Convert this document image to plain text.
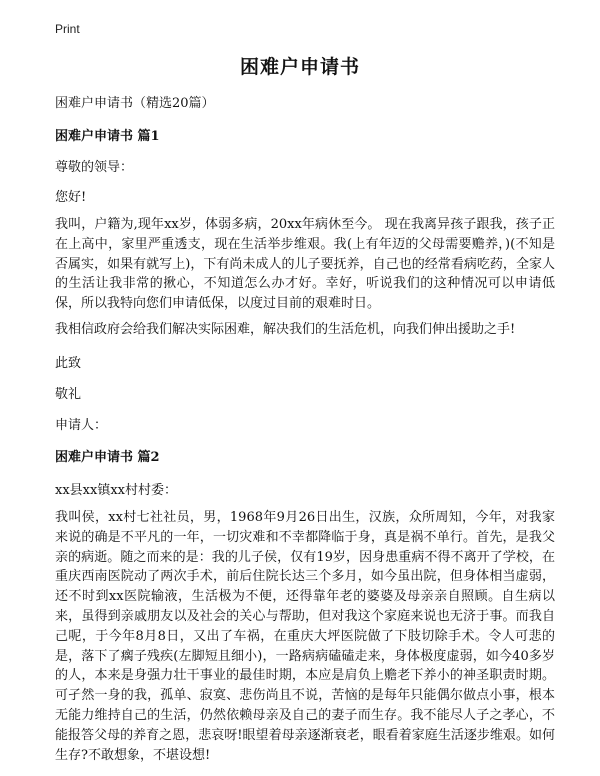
Print
困难户申请书
困难户申请书（精选20篇）
困难户申请书 篇1
尊敬的领导：
您好!
我叫，户籍为,现年xx岁，体弱多病，20xx年病休至今。 现在我离异孩子跟我，孩子正在上高中，家里严重透支，现在生活举步维艰。我(上有年迈的父母需要赡养，)(不知是否属实，如果有就写上)，下有尚未成人的儿子要抚养，自己也的经常看病吃药，全家人的生活让我非常的揪心，不知道怎么办才好。幸好，听说我们的这种情况可以申请低保，所以我特向您们申请低保，以度过目前的艰难时日。
我相信政府会给我们解决实际困难，解决我们的生活危机，向我们伸出援助之手!
此致
敬礼
申请人：
困难户申请书 篇2
xx县xx镇xx村村委：
我叫侯，xx村七社社员，男，1968年9月26日出生，汉族，众所周知，今年，对我家来说的确是不平凡的一年，一切灾难和不幸都降临于身，真是祸不单行。首先，是我父亲的病逝。随之而来的是：我的儿子侯，仅有19岁，因身患重病不得不离开了学校，在重庆西南医院动了两次手术，前后住院长达三个多月，如今虽出院，但身体相当虚弱，还不时到xx医院输液，生活极为不便，还得靠年老的婆婆及母亲亲自照顾。自生病以来，虽得到亲戚朋友以及社会的关心与帮助，但对我这个家庭来说也无济于事。而我自己呢，于今年8月8日，又出了车祸，在重庆大坪医院做了下肢切除手术。令人可悲的是，落下了瘸子残疾(左脚短且细小)，一路病病磕磕走来，身体极度虚弱，如今40多岁的人，本来是身强力壮干事业的最佳时期，本应是肩负上赡老下养小的神圣职责时期。可孑然一身的我，孤单、寂寞、悲伤尚且不说，苦恼的是每年只能偶尔做点小事，根本无能力维持自己的生活，仍然依赖母亲及自己的妻子而生存。我不能尽人子之孝心，不能报答父母的养育之恩，悲哀呀!眼望着母亲逐渐衰老，眼看着家庭生活逐步维艰。如何生存?不敢想象，不堪设想!
